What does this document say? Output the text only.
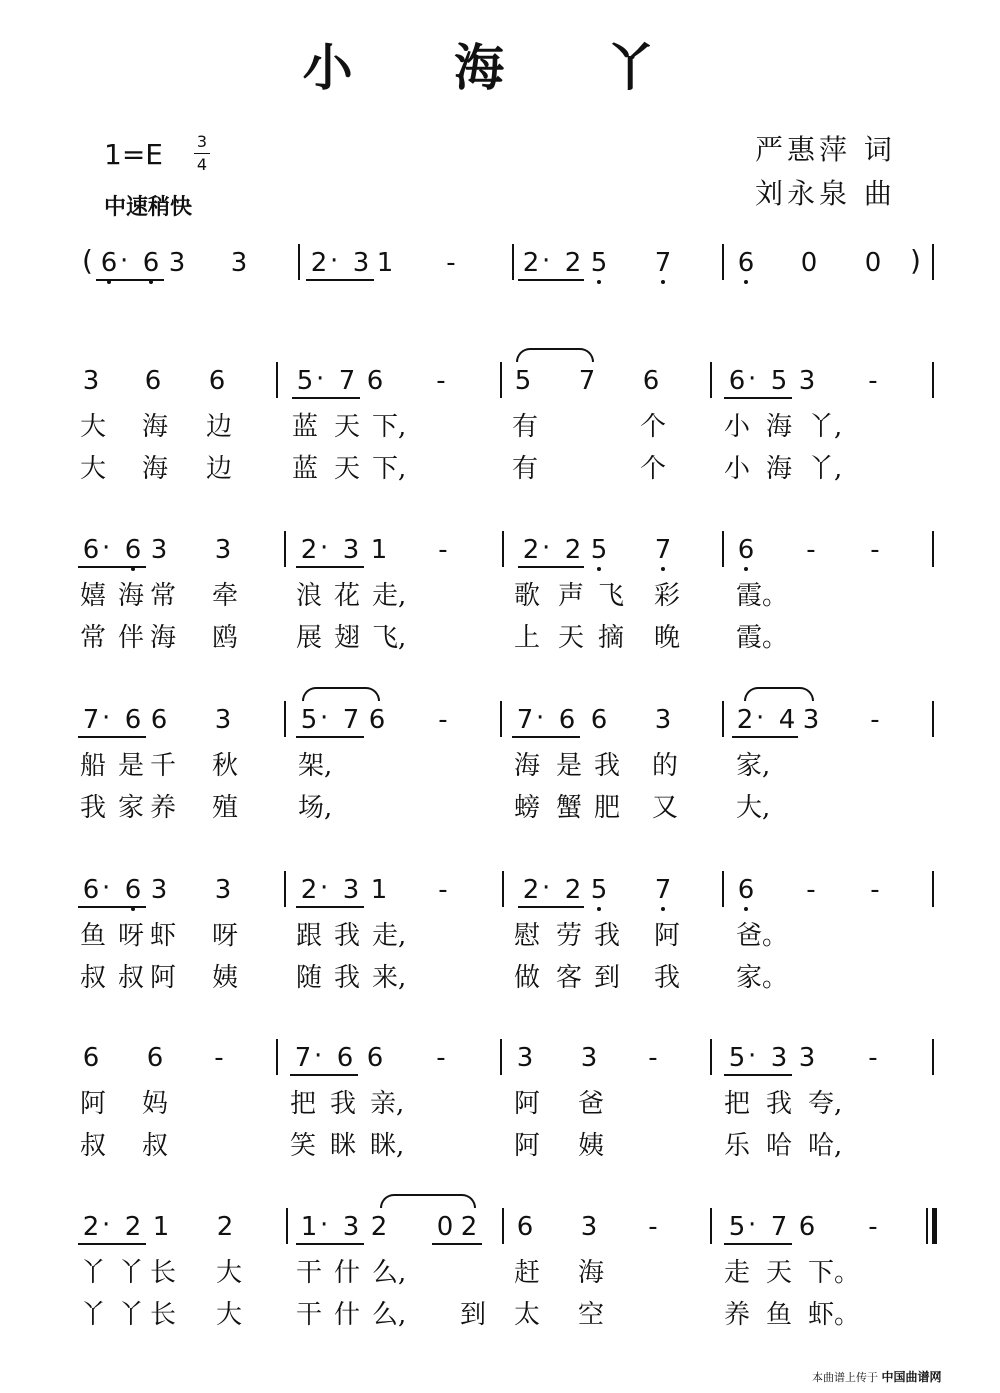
小 海 丫
1=E 3
4
中速稍快
严惠萍 词
刘永泉 曲
( 6 · 6 3 3 2 · 3 1 -	2 · 2 5 7	6 0 0 )
3 6 6	5 · 7 6 -	5 7 6	6 · 5 3 -
大 海 边 蓝 天 下,	有	个 小 海 丫,
大 海 边 蓝 天 下,	有	个 小 海 丫,
6 · 6 3 3	2 · 3 1 -	2 · 2 5 7	6 - -
嬉 海 常 牵 浪 花 走,	歌 声 飞 彩 霞。
常 伴 海 鸥 展 翅 飞,	上 天 摘 晚 霞。
7 · 6 6 3	5 · 7 6 -	7 · 6 6 3	2 · 4 3 -
船 是 千 秋 架,	海 是 我 的 家,
我 家 养 殖 场,	螃 蟹 肥 又 大,
6 · 6 3 3	2 · 3 1 -	2 · 2 5 7	6 - -
鱼 呀 虾 呀 跟 我 走,	慰 劳 我 阿 爸。
叔 叔 阿 姨 随 我 来,	做 客 到 我 家。
6 6 -	7 · 6 6 -	3 3 -	5 · 3 3 -
阿 妈	把 我 亲,	阿 爸	把 我 夸,
叔 叔	笑 眯 眯,	阿 姨	乐 哈 哈,
2 · 2 1 2	1 · 3 2 0 2 6 3 -	5 · 7 6 -
丫 丫 长 大 干 什 么,	赶 海	走 天 下。
丫 丫 长 大 干 什 么, 到 太 空	养 鱼 虾。
本曲谱上传于 中国曲谱网
